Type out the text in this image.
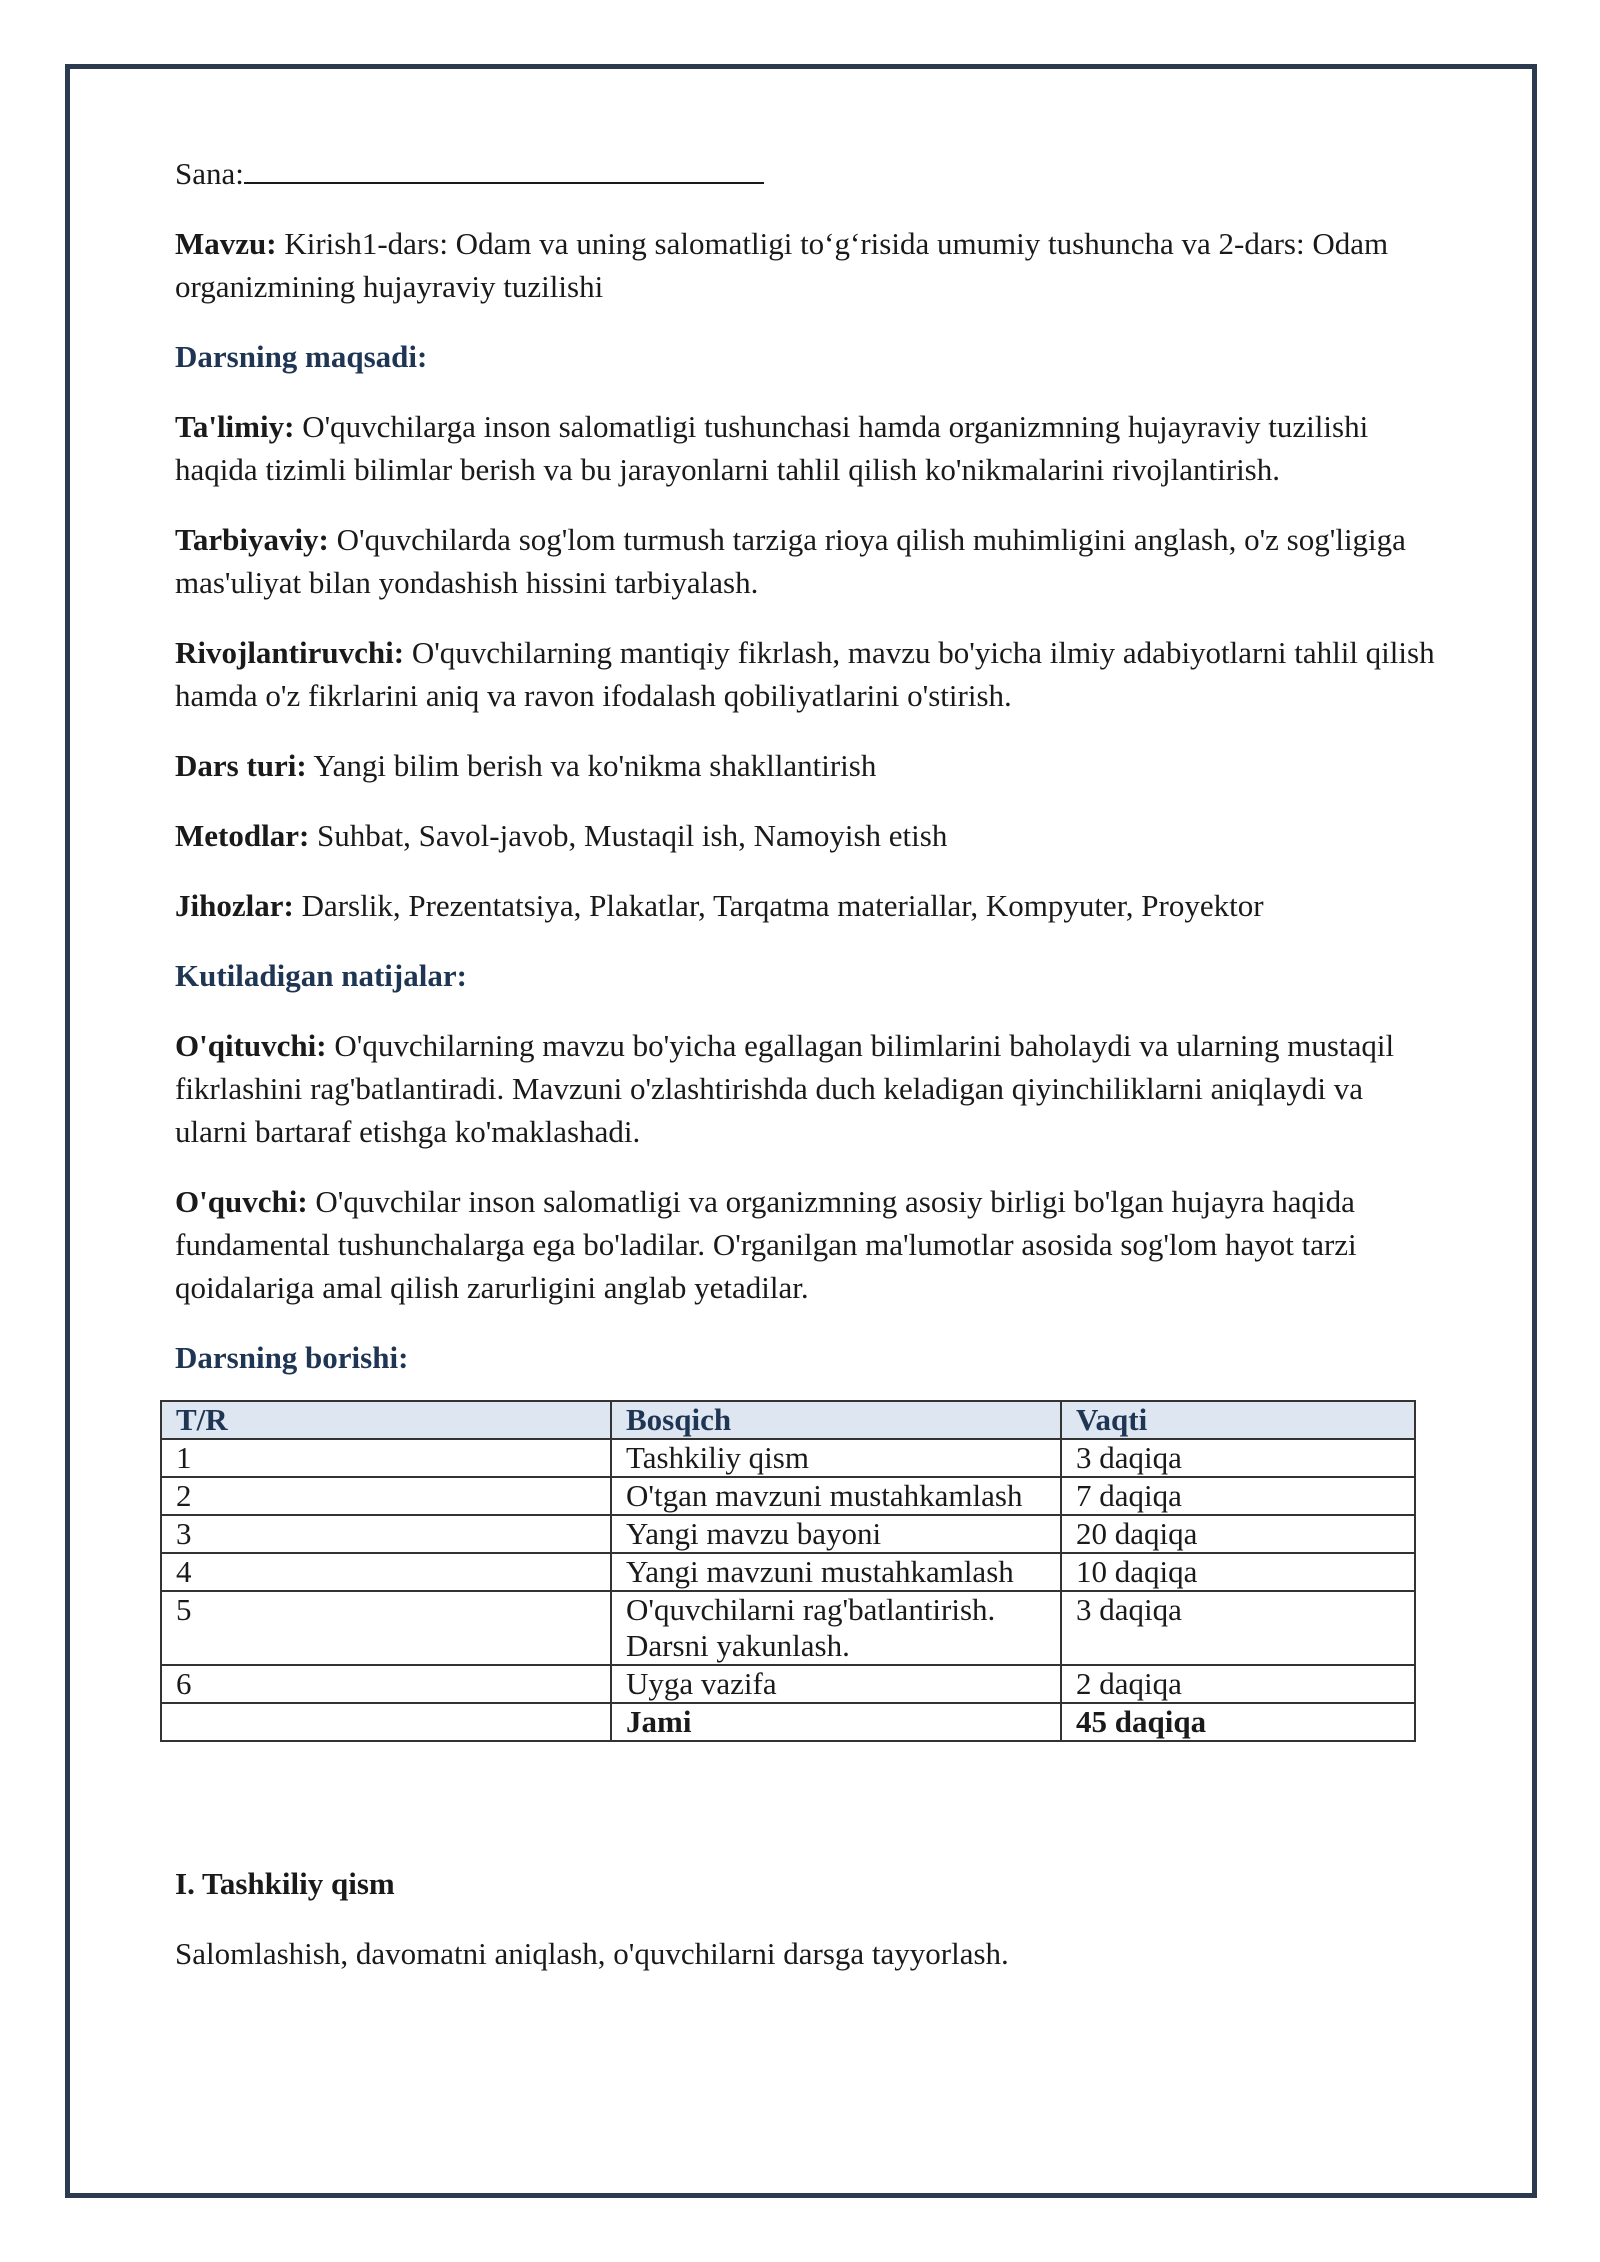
Sana:

Mavzu: Kirish1-dars: Odam va uning salomatligi to‘g‘risida umumiy tushuncha va 2-dars: Odam organizmining hujayraviy tuzilishi

Darsning maqsadi:

Ta'limiy: O'quvchilarga inson salomatligi tushunchasi hamda organizmning hujayraviy tuzilishi haqida tizimli bilimlar berish va bu jarayonlarni tahlil qilish ko'nikmalarini rivojlantirish.

Tarbiyaviy: O'quvchilarda sog'lom turmush tarziga rioya qilish muhimligini anglash, o'z sog'ligiga mas'uliyat bilan yondashish hissini tarbiyalash.

Rivojlantiruvchi: O'quvchilarning mantiqiy fikrlash, mavzu bo'yicha ilmiy adabiyotlarni tahlil qilish hamda o'z fikrlarini aniq va ravon ifodalash qobiliyatlarini o'stirish.

Dars turi: Yangi bilim berish va ko'nikma shakllantirish

Metodlar: Suhbat, Savol-javob, Mustaqil ish, Namoyish etish

Jihozlar: Darslik, Prezentatsiya, Plakatlar, Tarqatma materiallar, Kompyuter, Proyektor

Kutiladigan natijalar:

O'qituvchi: O'quvchilarning mavzu bo'yicha egallagan bilimlarini baholaydi va ularning mustaqil fikrlashini rag'batlantiradi. Mavzuni o'zlashtirishda duch keladigan qiyinchiliklarni aniqlaydi va ularni bartaraf etishga ko'maklashadi.

O'quvchi: O'quvchilar inson salomatligi va organizmning asosiy birligi bo'lgan hujayra haqida fundamental tushunchalarga ega bo'ladilar. O'rganilgan ma'lumotlar asosida sog'lom hayot tarzi qoidalariga amal qilish zarurligini anglab yetadilar.

Darsning borishi:

T/R	Bosqich	Vaqti
1	Tashkiliy qism	3 daqiqa
2	O'tgan mavzuni mustahkamlash	7 daqiqa
3	Yangi mavzu bayoni	20 daqiqa
4	Yangi mavzuni mustahkamlash	10 daqiqa
5	O'quvchilarni rag'batlantirish. Darsni yakunlash.	3 daqiqa
6	Uyga vazifa	2 daqiqa
	Jami	45 daqiqa

I. Tashkiliy qism

Salomlashish, davomatni aniqlash, o'quvchilarni darsga tayyorlash.
